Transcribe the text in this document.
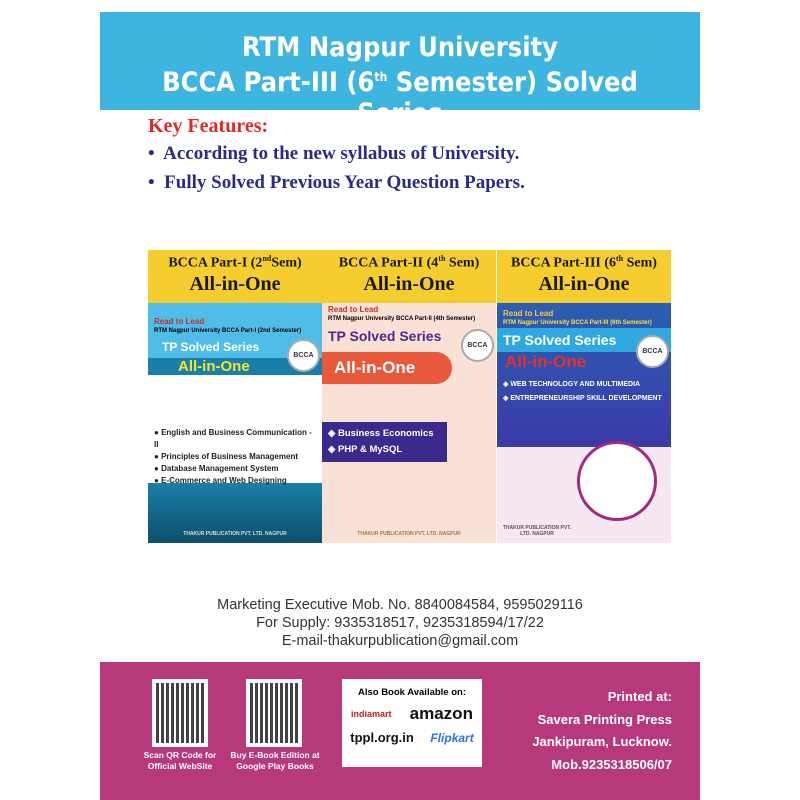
RTM Nagpur University
BCCA Part-III (6th Semester) Solved Series
Key Features:
•  According to the new syllabus of University.
•  Fully Solved Previous Year Question Papers.
BCCA Part-I (2ndSem)
All-in-One
Read to Lead
RTM Nagpur University BCCA Part-I (2nd Semester)
TP Solved Series
All-in-One
BCCA
● English and Business Communication -II
● Principles of Business Management
● Database Management System
● E-Commerce and Web Designing
THAKUR PUBLICATION PVT. LTD. NAGPUR
BCCA Part-II (4th Sem)
All-in-One
Read to Lead
RTM Nagpur University BCCA Part-II (4th Semester)
TP Solved Series
All-in-One
BCCA
◈ Business Economics
◈ PHP & MySQL
THAKUR PUBLICATION PVT. LTD. NAGPUR
BCCA Part-III (6th Sem)
All-in-One
Read to Lead
RTM Nagpur University BCCA Part-III (6th Semester)
TP Solved Series
All-in-One
BCCA
◈ WEB TECHNOLOGY AND MULTIMEDIA
◈ ENTREPRENEURSHIP SKILL DEVELOPMENT
THAKUR PUBLICATION PVT. LTD. NAGPUR
Marketing Executive Mob. No. 8840084584, 9595029116
For Supply: 9335318517, 9235318594/17/22
E-mail-thakurpublication@gmail.com
Scan QR Code for Official WebSite
Buy E-Book Edition at Google Play Books
Also Book Available on:
indiamart amazon
tppl.org.in Flipkart
Printed at:
Savera Printing Press
Jankipuram, Lucknow.
Mob.9235318506/07
